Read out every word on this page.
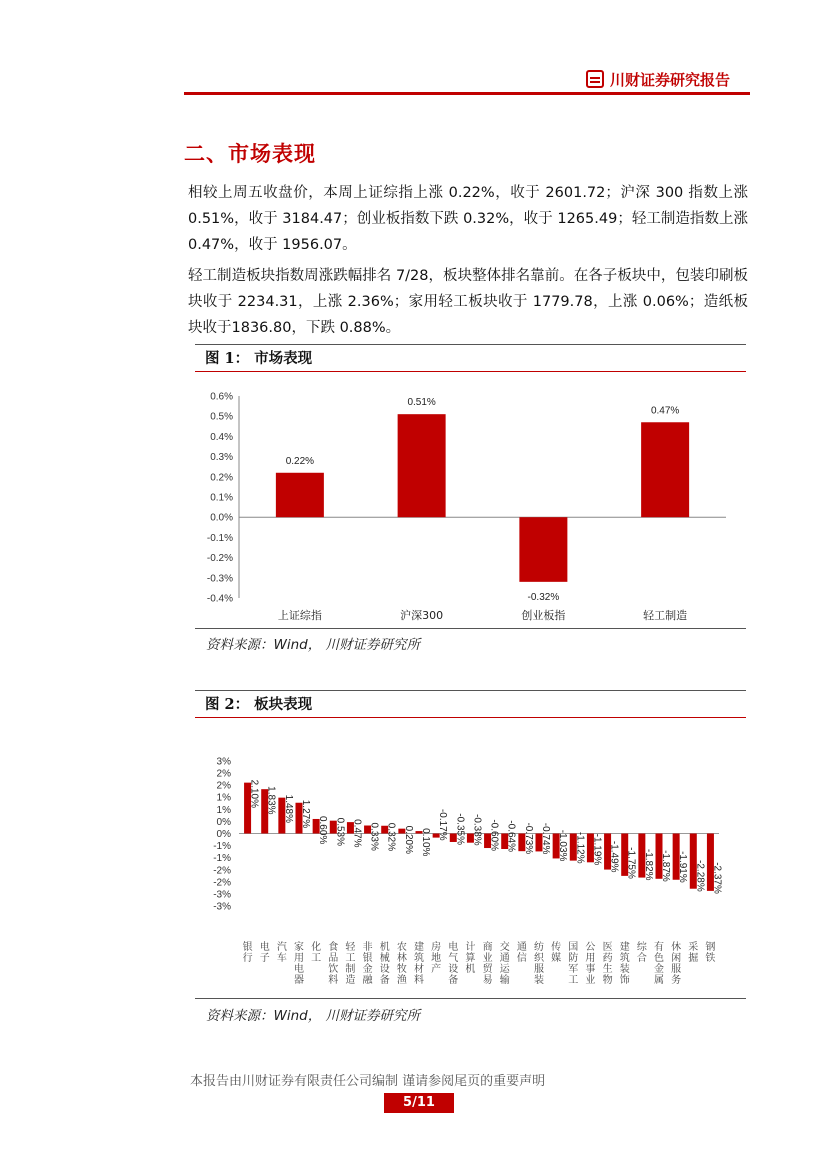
川财证券研究报告
二、市场表现
相较上周五收盘价，本周上证综指上涨 0.22%，收于 2601.72；沪深 300 指数上涨 0.51%，收于 3184.47；创业板指数下跌 0.32%，收于 1265.49；轻工制造指数上涨 0.47%，收于 1956.07。
轻工制造板块指数周涨跌幅排名 7/28，板块整体排名靠前。在各子板块中，包装印刷板块收于 2234.31，上涨 2.36%；家用轻工板块收于 1779.78，上涨 0.06%；造纸板块收于1836.80，下跌 0.88%。
图 1： 市场表现
0.6%
0.5%
0.4%
0.3%
0.2%
0.1%
0.0%
-0.1%
-0.2%
-0.3%
-0.4%
0.22%
上证综指
0.51%
沪深300
-0.32%
创业板指
0.47%
轻工制造
资料来源：Wind， 川财证券研究所
图 2： 板块表现
3%
2%
2%
1%
1%
0%
-1%
-1%
-2%
-2%
-3%
-3%
0%
2.10%
银行
1.83%
电子
1.48%
汽车
1.27%
家用电器
0.60%
化工
0.53%
食品饮料
0.47%
轻工制造
0.33%
非银金融
0.32%
机械设备
0.20%
农林牧渔
0.10%
建筑材料
-0.17%
房地产
-0.35%
电气设备
-0.38%
计算机
-0.60%
商业贸易
-0.64%
交通运输
-0.73%
通信
-0.74%
纺织服装
-1.03%
传媒
-1.12%
国防军工
-1.19%
公用事业
-1.49%
医药生物
-1.75%
建筑装饰
-1.82%
综合
-1.87%
有色金属
-1.91%
休闲服务
-2.28%
采掘
-2.37%
钢铁
资料来源：Wind， 川财证券研究所
本报告由川财证券有限责任公司编制 谨请参阅尾页的重要声明
5/11
